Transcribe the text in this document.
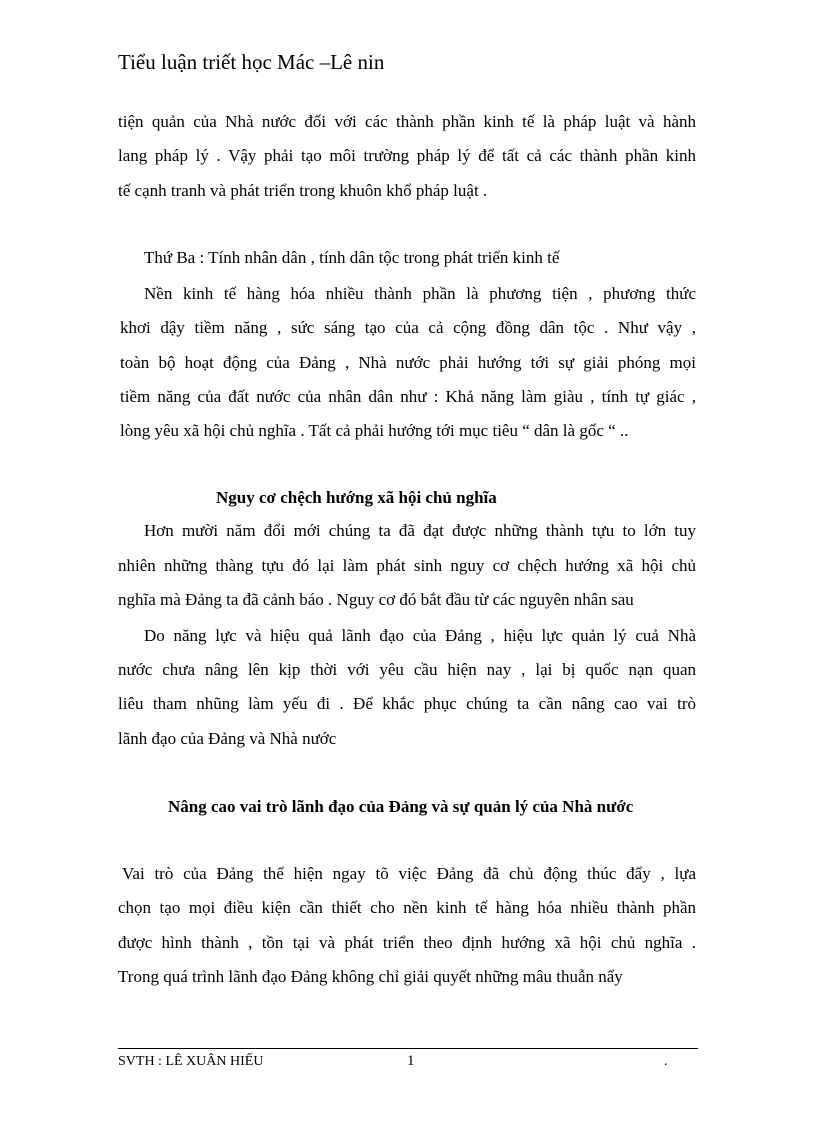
Tiểu luận triết học Mác –Lê nin
tiện quản của Nhà nước đối với các thành phần kinh tế là pháp luật và hành
lang pháp lý . Vậy phải tạo môi trường pháp lý để tất cả các thành phần kinh
tế cạnh tranh và phát triển trong khuôn khổ pháp luật .
Thứ Ba : Tính nhân dân , tính dân tộc trong phát triển kinh tế
Nền kinh tế hàng hóa nhiều thành phần là phương tiện , phương thức
khơi dậy tiềm năng , sức sáng tạo của cả cộng đồng dân tộc . Như vậy ,
toàn bộ hoạt động của Đảng , Nhà nước phải hướng tới sự giải phóng mọi
tiềm năng của đất nước của nhân dân như : Khả năng làm giàu , tính tự giác ,
lòng yêu xã hội chủ nghĩa . Tất cả phải hướng tới mục tiêu “ dân là gốc “ ..
Nguy cơ chệch hướng xã hội chủ nghĩa
Hơn mười năm đổi mới chúng ta đã đạt được những thành tựu to lớn tuy
nhiên những thàng tựu đó lại làm phát sinh nguy cơ chệch hướng xã hội chủ
nghĩa mà Đảng ta đã cảnh báo . Nguy cơ đó bắt đầu từ các nguyên nhân sau
Do năng lực và hiệu quả lãnh đạo của Đảng , hiệu lực quản lý cuả Nhà
nước chưa nâng lên kịp thời với yêu cầu hiện nay , lại bị quốc nạn quan
liêu tham nhũng làm yếu đi . Để khắc phục chúng ta cần nâng cao vai trò
lãnh đạo của Đảng và Nhà nước
Nâng cao vai trò lãnh đạo của Đảng và sự quản lý của Nhà nước
Vai trò của Đảng thể hiện ngay tõ việc Đảng đã chủ động thúc đẩy , lựa
chọn tạo mọi điều kiện cần thiết cho nền kinh tế hàng hóa nhiều thành phần
được hình thành , tồn tại và phát triển theo định hướng xã hội chủ nghĩa .
Trong quá trình lãnh đạo Đảng không chỉ giải quyết những mâu thuẫn nẩy
SVTH : LÊ XUÂN HIẾU	1	.
